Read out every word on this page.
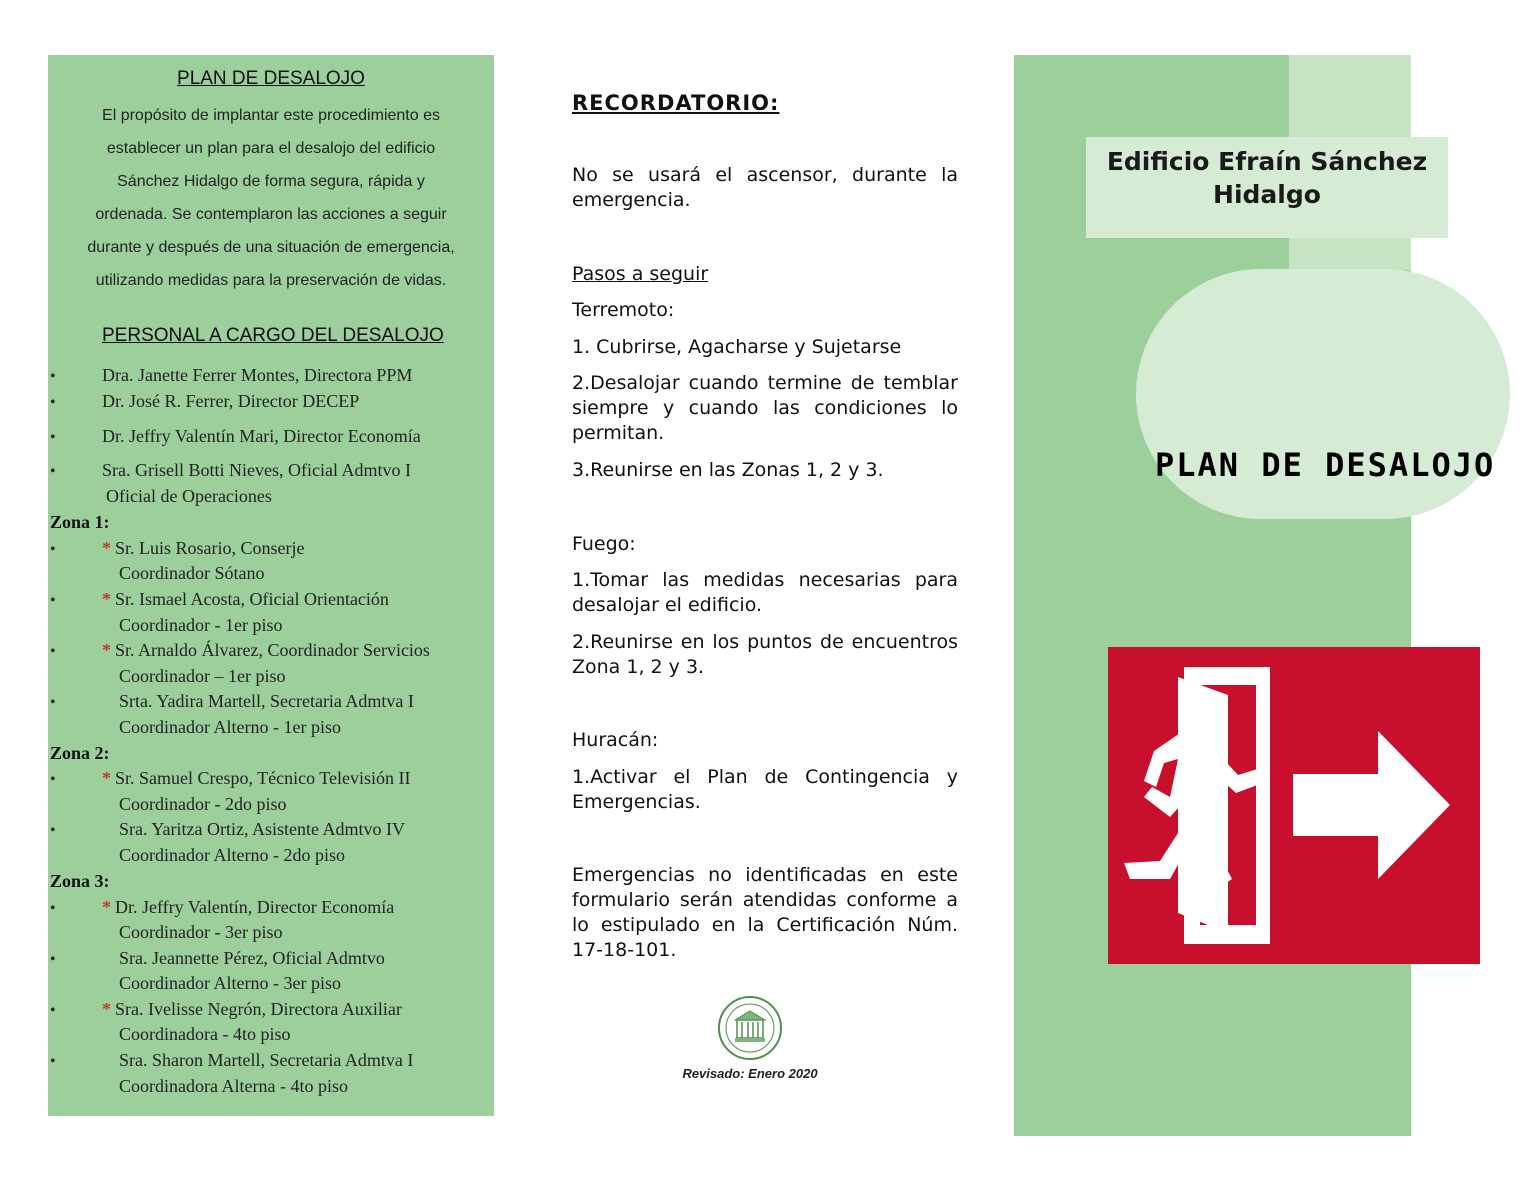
PLAN DE DESALOJO
El propósito de implantar este procedimiento es
establecer un plan para el desalojo del edificio
Sánchez Hidalgo de forma segura, rápida y
ordenada. Se contemplaron las acciones a seguir
durante y después de una situación de emergencia,
utilizando medidas para la preservación de vidas.
PERSONAL A CARGO DEL DESALOJO
•	Dra. Janette Ferrer Montes, Directora PPM
•	Dr. José R. Ferrer, Director DECEP
•	Dr. Jeffry Valentín Mari, Director Economía
•	Sra. Grisell Botti Nieves, Oficial Admtvo I
Oficial de Operaciones
Zona 1:
•	* Sr. Luis Rosario, Conserje
Coordinador Sótano
•	* Sr. Ismael Acosta, Oficial Orientación
Coordinador - 1er piso
•	* Sr. Arnaldo Álvarez, Coordinador Servicios
Coordinador – 1er piso
•	Srta. Yadira Martell, Secretaria Admtva I
Coordinador Alterno - 1er piso
Zona 2:
•	* Sr. Samuel Crespo, Técnico Televisión II
Coordinador - 2do piso
•	Sra. Yaritza Ortiz, Asistente Admtvo IV
Coordinador Alterno - 2do piso
Zona 3:
•	* Dr. Jeffry Valentín, Director Economía
Coordinador - 3er piso
•	Sra. Jeannette Pérez, Oficial Admtvo
Coordinador Alterno - 3er piso
•	* Sra. Ivelisse Negrón, Directora Auxiliar
Coordinadora - 4to piso
•	Sra. Sharon Martell, Secretaria Admtva I
Coordinadora Alterna - 4to piso
RECORDATORIO:
No se usará el ascensor, durante la emergencia.
Pasos a seguir
Terremoto:
1. Cubrirse, Agacharse y Sujetarse
2.Desalojar cuando termine de temblar siempre y cuando las condiciones lo permitan.
3.Reunirse en las Zonas 1, 2 y 3.
Fuego:
1.Tomar las medidas necesarias para desalojar el edificio.
2.Reunirse en los puntos de encuentros Zona 1, 2 y 3.
Huracán:
1.Activar el Plan de Contingencia y Emergencias.
Emergencias no identificadas en este formulario serán atendidas conforme a lo estipulado en la Certificación Núm. 17-18-101.
Revisado: Enero 2020
Edificio Efraín Sánchez
Hidalgo
PLAN DE DESALOJO
